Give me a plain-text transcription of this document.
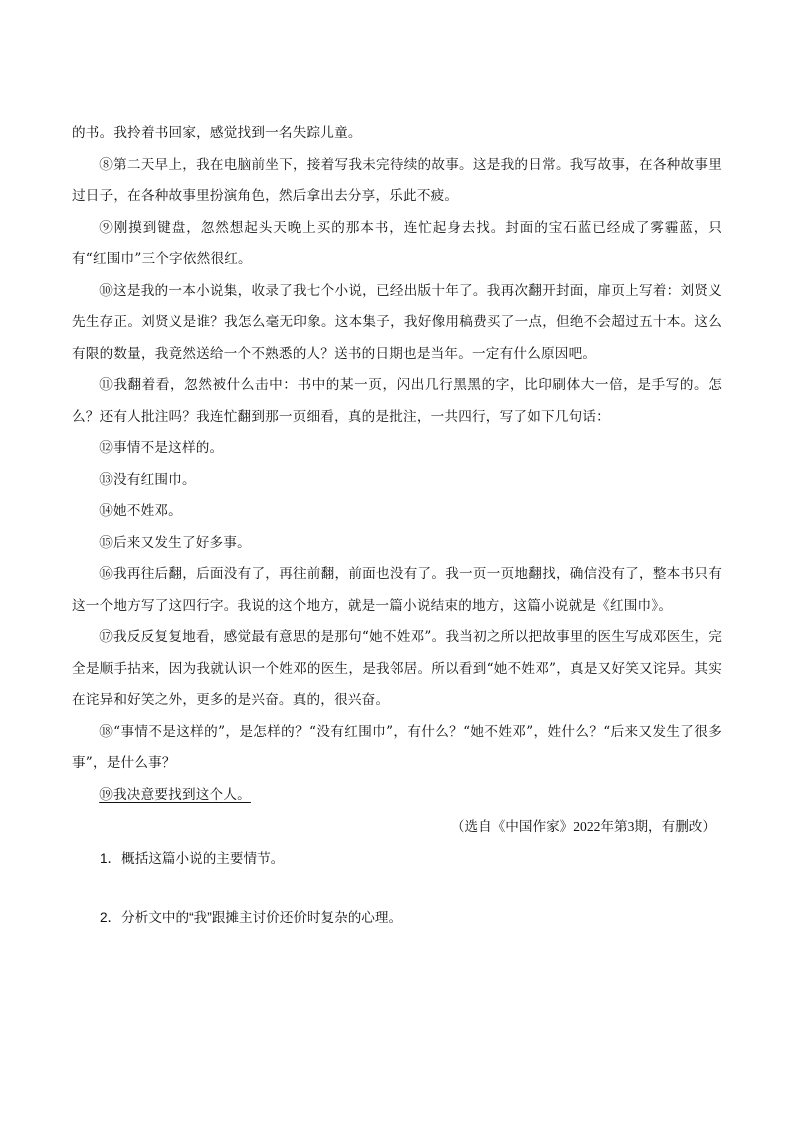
的书。我拎着书回家，感觉找到一名失踪儿童。

⑧第二天早上，我在电脑前坐下，接着写我未完待续的故事。这是我的日常。我写故事，在各种故事里过日子，在各种故事里扮演角色，然后拿出去分享，乐此不疲。

⑨刚摸到键盘，忽然想起头天晚上买的那本书，连忙起身去找。封面的宝石蓝已经成了雾霾蓝，只有“红围巾”三个字依然很红。

⑩这是我的一本小说集，收录了我七个小说，已经出版十年了。我再次翻开封面，扉页上写着：刘贤义先生存正。刘贤义是谁？我怎么毫无印象。这本集子，我好像用稿费买了一点，但绝不会超过五十本。这么有限的数量，我竟然送给一个不熟悉的人？送书的日期也是当年。一定有什么原因吧。

⑪我翻着看，忽然被什么击中：书中的某一页，闪出几行黑黑的字，比印刷体大一倍，是手写的。怎么？还有人批注吗？我连忙翻到那一页细看，真的是批注，一共四行，写了如下几句话：

⑫事情不是这样的。

⑬没有红围巾。

⑭她不姓邓。

⑮后来又发生了好多事。

⑯我再往后翻，后面没有了，再往前翻，前面也没有了。我一页一页地翻找，确信没有了，整本书只有这一个地方写了这四行字。我说的这个地方，就是一篇小说结束的地方，这篇小说就是《红围巾》。

⑰我反反复复地看，感觉最有意思的是那句“她不姓邓”。我当初之所以把故事里的医生写成邓医生，完全是顺手拈来，因为我就认识一个姓邓的医生，是我邻居。所以看到“她不姓邓”，真是又好笑又诧异。其实在诧异和好笑之外，更多的是兴奋。真的，很兴奋。

⑱“事情不是这样的”，是怎样的？“没有红围巾”，有什么？“她不姓邓”，姓什么？“后来又发生了很多事”，是什么事？

⑲我决意要找到这个人。

（选自《中国作家》2022年第3期，有删改）

1．概括这篇小说的主要情节。

2．分析文中的“我”跟摊主讨价还价时复杂的心理。
